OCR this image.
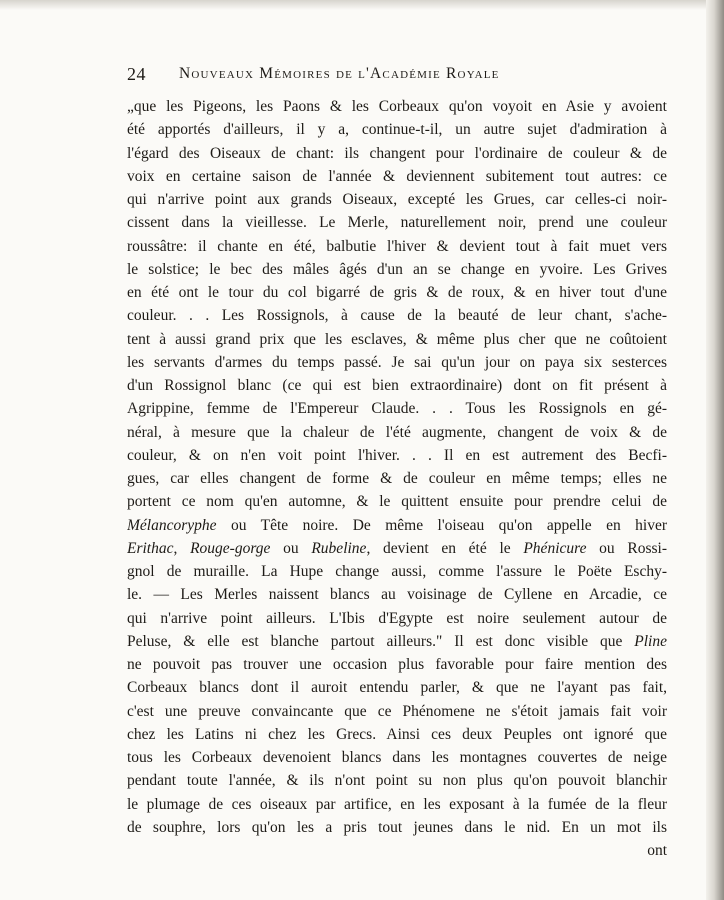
24 Nouveaux Mémoires de l'Académie Royale
„que les Pigeons, les Paons & les Corbeaux qu'on voyoit en Asie y avoient
été apportés d'ailleurs, il y a, continue-t-il, un autre sujet d'admiration à
l'égard des Oiseaux de chant: ils changent pour l'ordinaire de couleur & de
voix en certaine saison de l'année & deviennent subitement tout autres: ce
qui n'arrive point aux grands Oiseaux, excepté les Grues, car celles-ci noir-
cissent dans la vieillesse. Le Merle, naturellement noir, prend une couleur
roussâtre: il chante en été, balbutie l'hiver & devient tout à fait muet vers
le solstice; le bec des mâles âgés d'un an se change en yvoire. Les Grives
en été ont le tour du col bigarré de gris & de roux, & en hiver tout d'une
couleur. . . Les Rossignols, à cause de la beauté de leur chant, s'ache-
tent à aussi grand prix que les esclaves, & même plus cher que ne coûtoient
les servants d'armes du temps passé. Je sai qu'un jour on paya six sesterces
d'un Rossignol blanc (ce qui est bien extraordinaire) dont on fit présent à
Agrippine, femme de l'Empereur Claude. . . Tous les Rossignols en gé-
néral, à mesure que la chaleur de l'été augmente, changent de voix & de
couleur, & on n'en voit point l'hiver. . . Il en est autrement des Becfi-
gues, car elles changent de forme & de couleur en même temps; elles ne
portent ce nom qu'en automne, & le quittent ensuite pour prendre celui de
Mélancoryphe ou Tête noire. De même l'oiseau qu'on appelle en hiver
Erithac, Rouge-gorge ou Rubeline, devient en été le Phénicure ou Rossi-
gnol de muraille. La Hupe change aussi, comme l'assure le Poëte Eschy-
le. — Les Merles naissent blancs au voisinage de Cyllene en Arcadie, ce
qui n'arrive point ailleurs. L'Ibis d'Egypte est noire seulement autour de
Peluse, & elle est blanche partout ailleurs." Il est donc visible que Pline
ne pouvoit pas trouver une occasion plus favorable pour faire mention des
Corbeaux blancs dont il auroit entendu parler, & que ne l'ayant pas fait,
c'est une preuve convaincante que ce Phénomene ne s'étoit jamais fait voir
chez les Latins ni chez les Grecs. Ainsi ces deux Peuples ont ignoré que
tous les Corbeaux devenoient blancs dans les montagnes couvertes de neige
pendant toute l'année, & ils n'ont point su non plus qu'on pouvoit blanchir
le plumage de ces oiseaux par artifice, en les exposant à la fumée de la fleur
de souphre, lors qu'on les a pris tout jeunes dans le nid. En un mot ils
ont
